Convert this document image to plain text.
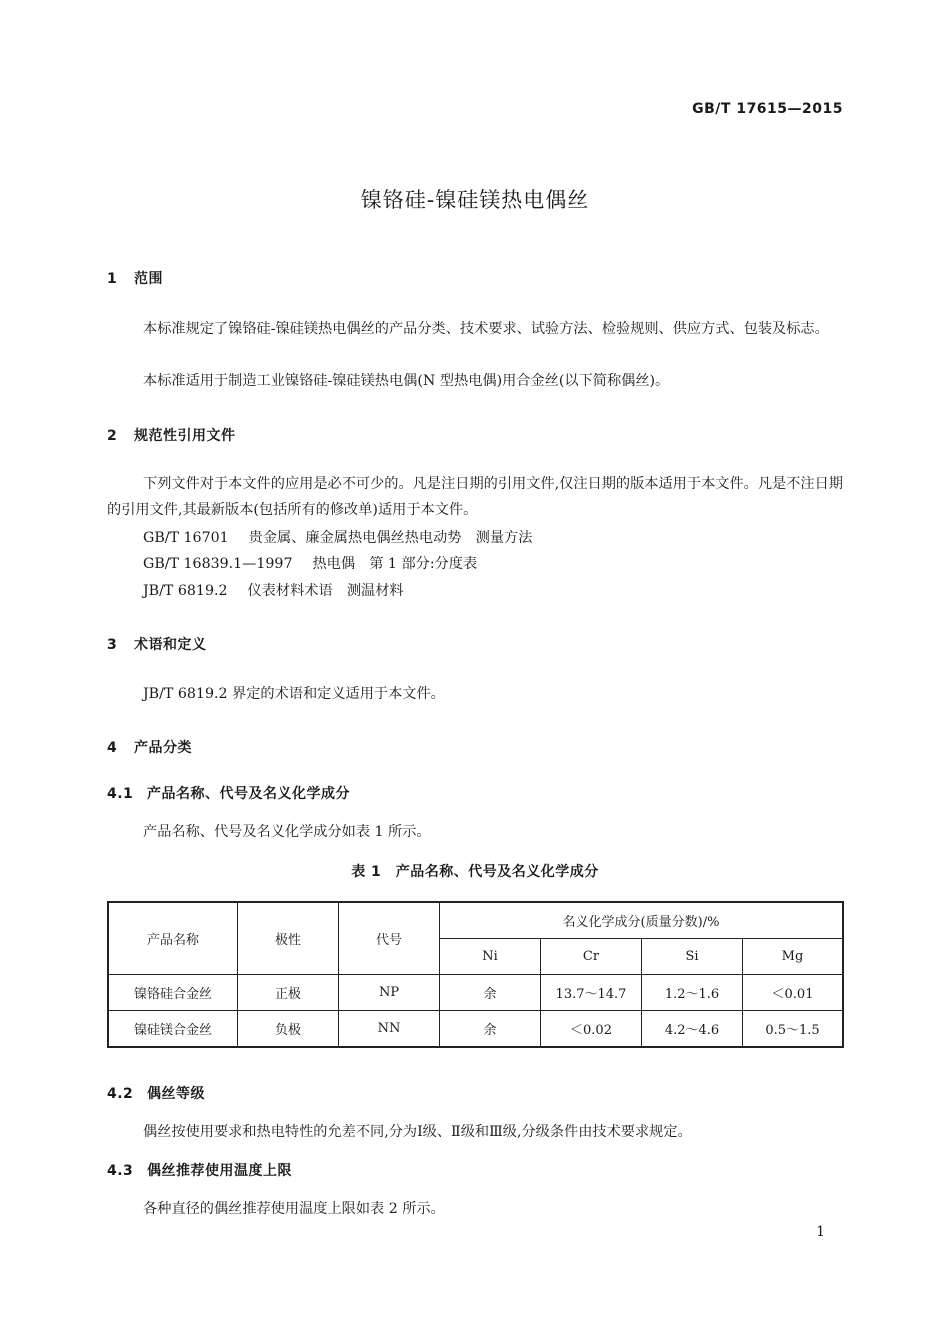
GB/T 17615—2015
镍铬硅-镍硅镁热电偶丝
1 范围
本标准规定了镍铬硅-镍硅镁热电偶丝的产品分类、技术要求、试验方法、检验规则、供应方式、包装及标志。
本标准适用于制造工业镍铬硅-镍硅镁热电偶(N 型热电偶)用合金丝(以下简称偶丝)。
2 规范性引用文件
下列文件对于本文件的应用是必不可少的。凡是注日期的引用文件,仅注日期的版本适用于本文件。凡是不注日期的引用文件,其最新版本(包括所有的修改单)适用于本文件。
GB/T 16701 贵金属、廉金属热电偶丝热电动势　测量方法
GB/T 16839.1—1997 热电偶　第 1 部分:分度表
JB/T 6819.2 仪表材料术语　测温材料
3 术语和定义
JB/T 6819.2 界定的术语和定义适用于本文件。
4 产品分类
4.1 产品名称、代号及名义化学成分
产品名称、代号及名义化学成分如表 1 所示。
表 1　产品名称、代号及名义化学成分
产品名称	极性	代号	名义化学成分(质量分数)/%			
			Ni	Cr	Si	Mg
镍铬硅合金丝	正极	NP	余	13.7～14.7	1.2～1.6	＜0.01
镍硅镁合金丝	负极	NN	余	＜0.02	4.2～4.6	0.5～1.5
4.2 偶丝等级
偶丝按使用要求和热电特性的允差不同,分为Ⅰ级、Ⅱ级和Ⅲ级,分级条件由技术要求规定。
4.3 偶丝推荐使用温度上限
各种直径的偶丝推荐使用温度上限如表 2 所示。
1
